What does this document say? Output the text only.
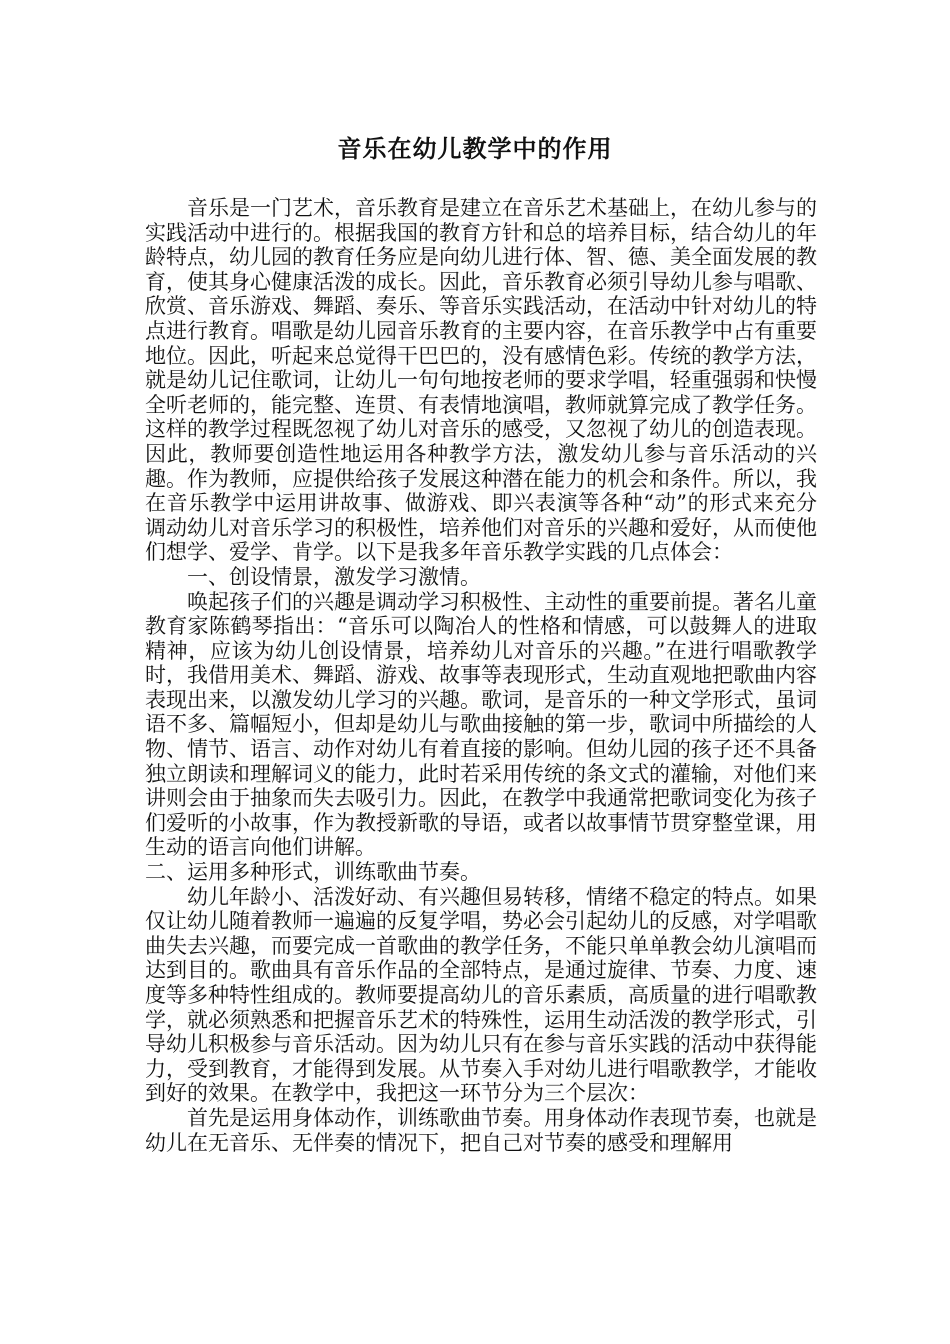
音乐在幼儿教学中的作用

音乐是一门艺术，音乐教育是建立在音乐艺术基础上，在幼儿参与的实践活动中进行的。根据我国的教育方针和总的培养目标，结合幼儿的年龄特点，幼儿园的教育任务应是向幼儿进行体、智、德、美全面发展的教育，使其身心健康活泼的成长。因此，音乐教育必须引导幼儿参与唱歌、欣赏、音乐游戏、舞蹈、奏乐、等音乐实践活动，在活动中针对幼儿的特点进行教育。唱歌是幼儿园音乐教育的主要内容，在音乐教学中占有重要地位。因此，听起来总觉得干巴巴的，没有感情色彩。传统的教学方法，就是幼儿记住歌词，让幼儿一句句地按老师的要求学唱，轻重强弱和快慢全听老师的，能完整、连贯、有表情地演唱，教师就算完成了教学任务。这样的教学过程既忽视了幼儿对音乐的感受，又忽视了幼儿的创造表现。因此，教师要创造性地运用各种教学方法，激发幼儿参与音乐活动的兴趣。作为教师，应提供给孩子发展这种潜在能力的机会和条件。所以，我在音乐教学中运用讲故事、做游戏、即兴表演等各种“动”的形式来充分调动幼儿对音乐学习的积极性，培养他们对音乐的兴趣和爱好，从而使他们想学、爱学、肯学。以下是我多年音乐教学实践的几点体会：

一、创设情景，激发学习激情。

唤起孩子们的兴趣是调动学习积极性、主动性的重要前提。著名儿童教育家陈鹤琴指出：“音乐可以陶冶人的性格和情感，可以鼓舞人的进取精神，应该为幼儿创设情景，培养幼儿对音乐的兴趣。”在进行唱歌教学时，我借用美术、舞蹈、游戏、故事等表现形式，生动直观地把歌曲内容表现出来，以激发幼儿学习的兴趣。歌词，是音乐的一种文学形式，虽词语不多、篇幅短小，但却是幼儿与歌曲接触的第一步，歌词中所描绘的人物、情节、语言、动作对幼儿有着直接的影响。但幼儿园的孩子还不具备独立朗读和理解词义的能力，此时若采用传统的条文式的灌输，对他们来讲则会由于抽象而失去吸引力。因此，在教学中我通常把歌词变化为孩子们爱听的小故事，作为教授新歌的导语，或者以故事情节贯穿整堂课，用生动的语言向他们讲解。

二、运用多种形式，训练歌曲节奏。

幼儿年龄小、活泼好动、有兴趣但易转移，情绪不稳定的特点。如果仅让幼儿随着教师一遍遍的反复学唱，势必会引起幼儿的反感，对学唱歌曲失去兴趣，而要完成一首歌曲的教学任务，不能只单单教会幼儿演唱而达到目的。歌曲具有音乐作品的全部特点，是通过旋律、节奏、力度、速度等多种特性组成的。教师要提高幼儿的音乐素质，高质量的进行唱歌教学，就必须熟悉和把握音乐艺术的特殊性，运用生动活泼的教学形式，引导幼儿积极参与音乐活动。因为幼儿只有在参与音乐实践的活动中获得能力，受到教育，才能得到发展。从节奏入手对幼儿进行唱歌教学，才能收到好的效果。在教学中，我把这一环节分为三个层次：

首先是运用身体动作，训练歌曲节奏。用身体动作表现节奏，也就是幼儿在无音乐、无伴奏的情况下，把自己对节奏的感受和理解用
